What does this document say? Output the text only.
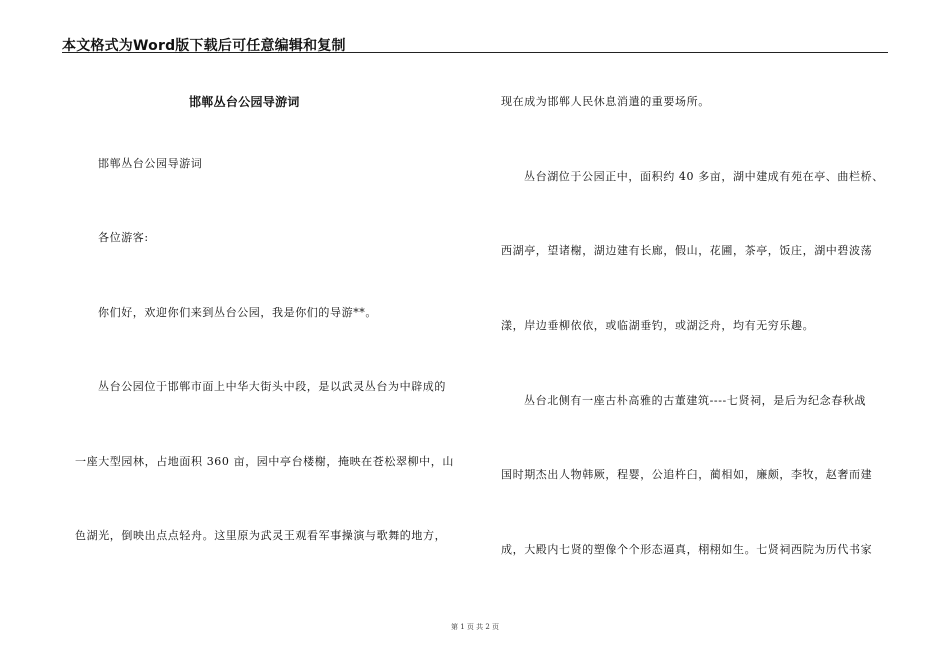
本文格式为Word版下载后可任意编辑和复制
邯郸丛台公园导游词
邯郸丛台公园导游词
各位游客:
你们好，欢迎你们来到丛台公园，我是你们的导游**。
丛台公园位于邯郸市面上中华大街头中段，是以武灵丛台为中辟成的
一座大型园林，占地面积 360 亩，园中亭台楼榭，掩映在苍松翠柳中，山
色湖光，倒映出点点轻舟。这里原为武灵王观看军事操演与歌舞的地方，
现在成为邯郸人民休息消遣的重要场所。
丛台湖位于公园正中，面积约 40 多亩，湖中建成有苑在亭、曲栏桥、
西湖亭，望诸榭，湖边建有长廊，假山，花圃，茶亭，饭庄，湖中碧波荡
漾，岸边垂柳依依，或临湖垂钓，或湖泛舟，均有无穷乐趣。
丛台北侧有一座古朴高雅的古董建筑----七贤祠，是后为纪念春秋战
国时期杰出人物韩厥，程婴，公追杵臼，蔺相如，廉颇，李牧，赵奢而建
成，大殿内七贤的塑像个个形态逼真，栩栩如生。七贤祠西院为历代书家
第 1 页 共 2 页
